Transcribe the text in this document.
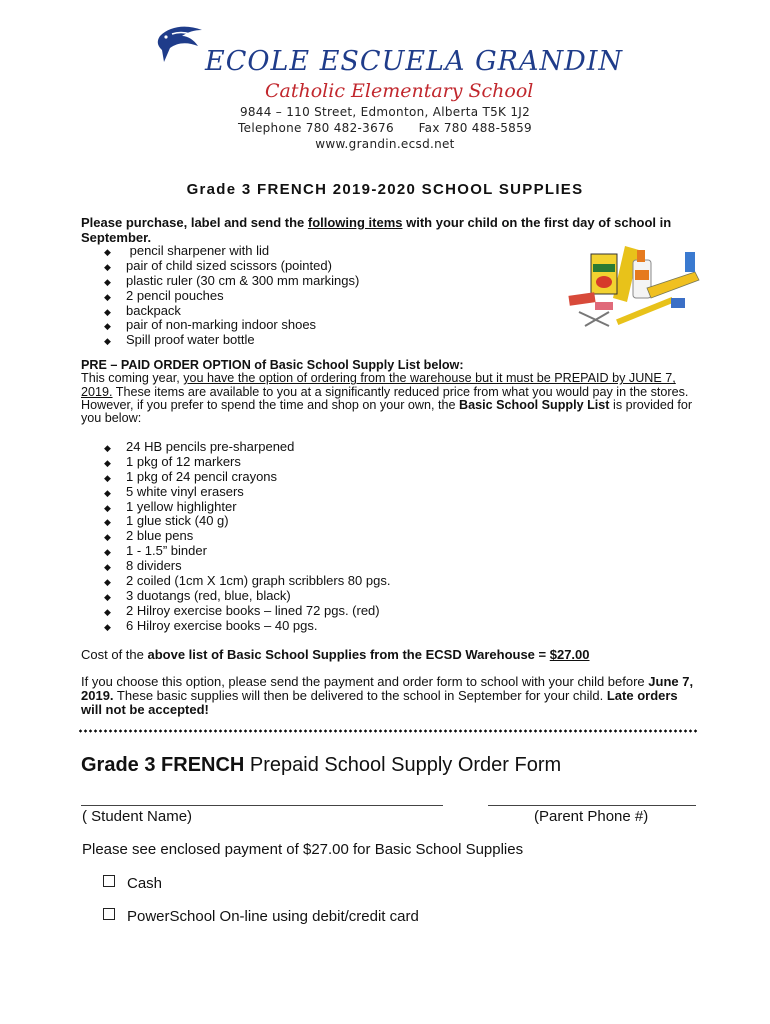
ECOLE ESCUELA GRANDIN
Catholic Elementary School
9844 – 110 Street, Edmonton, Alberta T5K 1J2
Telephone 780 482-3676      Fax 780 488-5859
www.grandin.ecsd.net
Grade 3 FRENCH 2019-2020 SCHOOL SUPPLIES
Please purchase, label and send the following items with your child on the first day of school in September.
◆ pencil sharpener with lid
◆ pair of child sized scissors (pointed)
◆ plastic ruler (30 cm & 300 mm markings)
◆ 2 pencil pouches
◆ backpack
◆ pair of non-marking indoor shoes
◆ Spill proof water bottle
PRE – PAID ORDER OPTION of Basic School Supply List below:
This coming year, you have the option of ordering from the warehouse but it must be PREPAID by JUNE 7, 2019. These items are available to you at a significantly reduced price from what you would pay in the stores. However, if you prefer to spend the time and shop on your own, the Basic School Supply List is provided for you below:
◆ 24 HB pencils pre-sharpened
◆ 1 pkg of 12 markers
◆ 1 pkg of 24 pencil crayons
◆ 5 white vinyl erasers
◆ 1 yellow highlighter
◆ 1 glue stick (40 g)
◆ 2 blue pens
◆ 1 - 1.5” binder
◆ 8 dividers
◆ 2 coiled (1cm X 1cm) graph scribblers 80 pgs.
◆ 3 duotangs (red, blue, black)
◆ 2 Hilroy exercise books – lined 72 pgs. (red)
◆ 6 Hilroy exercise books – 40 pgs.
Cost of the above list of Basic School Supplies from the ECSD Warehouse = $27.00
If you choose this option, please send the payment and order form to school with your child before June 7, 2019. These basic supplies will then be delivered to the school in September for your child. Late orders will not be accepted!
Grade 3 FRENCH Prepaid School Supply Order Form
( Student Name)	(Parent Phone #)
Please see enclosed payment of $27.00 for Basic School Supplies
Cash
PowerSchool On-line using debit/credit card
